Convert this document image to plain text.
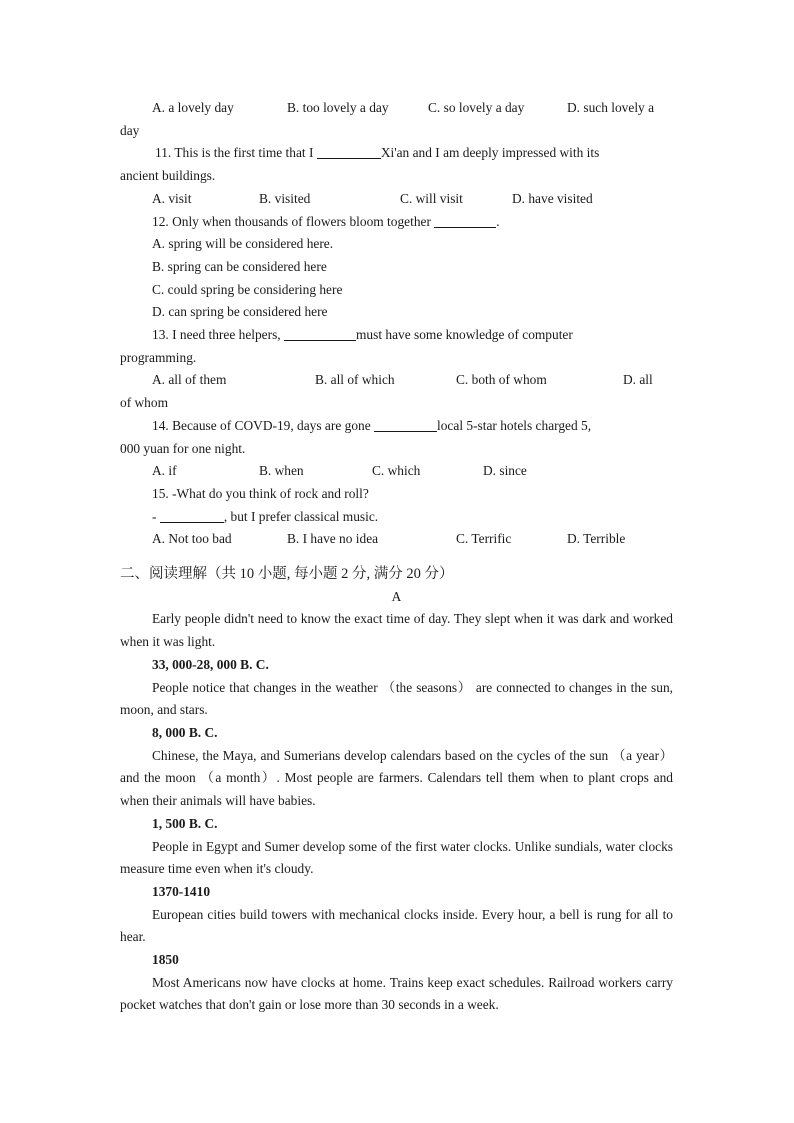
A. a lovely day	B. too lovely a day	C. so lovely a day	D. such lovely a
day
11. This is the first time that I	Xi'an and I am deeply impressed with its
ancient buildings.
A. visit	B. visited	C. will visit	D. have visited
12. Only when thousands of flowers bloom together	.
A. spring will be considered here.
B. spring can be considered here
C. could spring be considering here
D. can spring be considered here
13. I need three helpers,	must have some knowledge of computer
programming.
A. all of them	B. all of which	C. both of whom	D. all
of whom
14. Because of COVD-19, days are gone	local 5-star hotels charged 5,
000 yuan for one night.
A. if	B. when	C. which	D. since
15. -What do you think of rock and roll?
-	, but I prefer classical music.
A. Not too bad	B. I have no idea	C. Terrific	D. Terrible
二、阅读理解（共 10 小题, 每小题 2 分, 满分 20 分）
A
Early people didn't need to know the exact time of day. They slept when it was dark and worked when it was light.
33, 000-28, 000 B. C.
People notice that changes in the weather （the seasons） are connected to changes in the sun, moon, and stars.
8, 000 B. C.
Chinese, the Maya, and Sumerians develop calendars based on the cycles of the sun （a year） and the moon （a month）. Most people are farmers. Calendars tell them when to plant crops and when their animals will have babies.
1, 500 B. C.
People in Egypt and Sumer develop some of the first water clocks. Unlike sundials, water clocks measure time even when it's cloudy.
1370-1410
European cities build towers with mechanical clocks inside. Every hour, a bell is rung for all to hear.
1850
Most Americans now have clocks at home. Trains keep exact schedules. Railroad workers carry pocket watches that don't gain or lose more than 30 seconds in a week.
